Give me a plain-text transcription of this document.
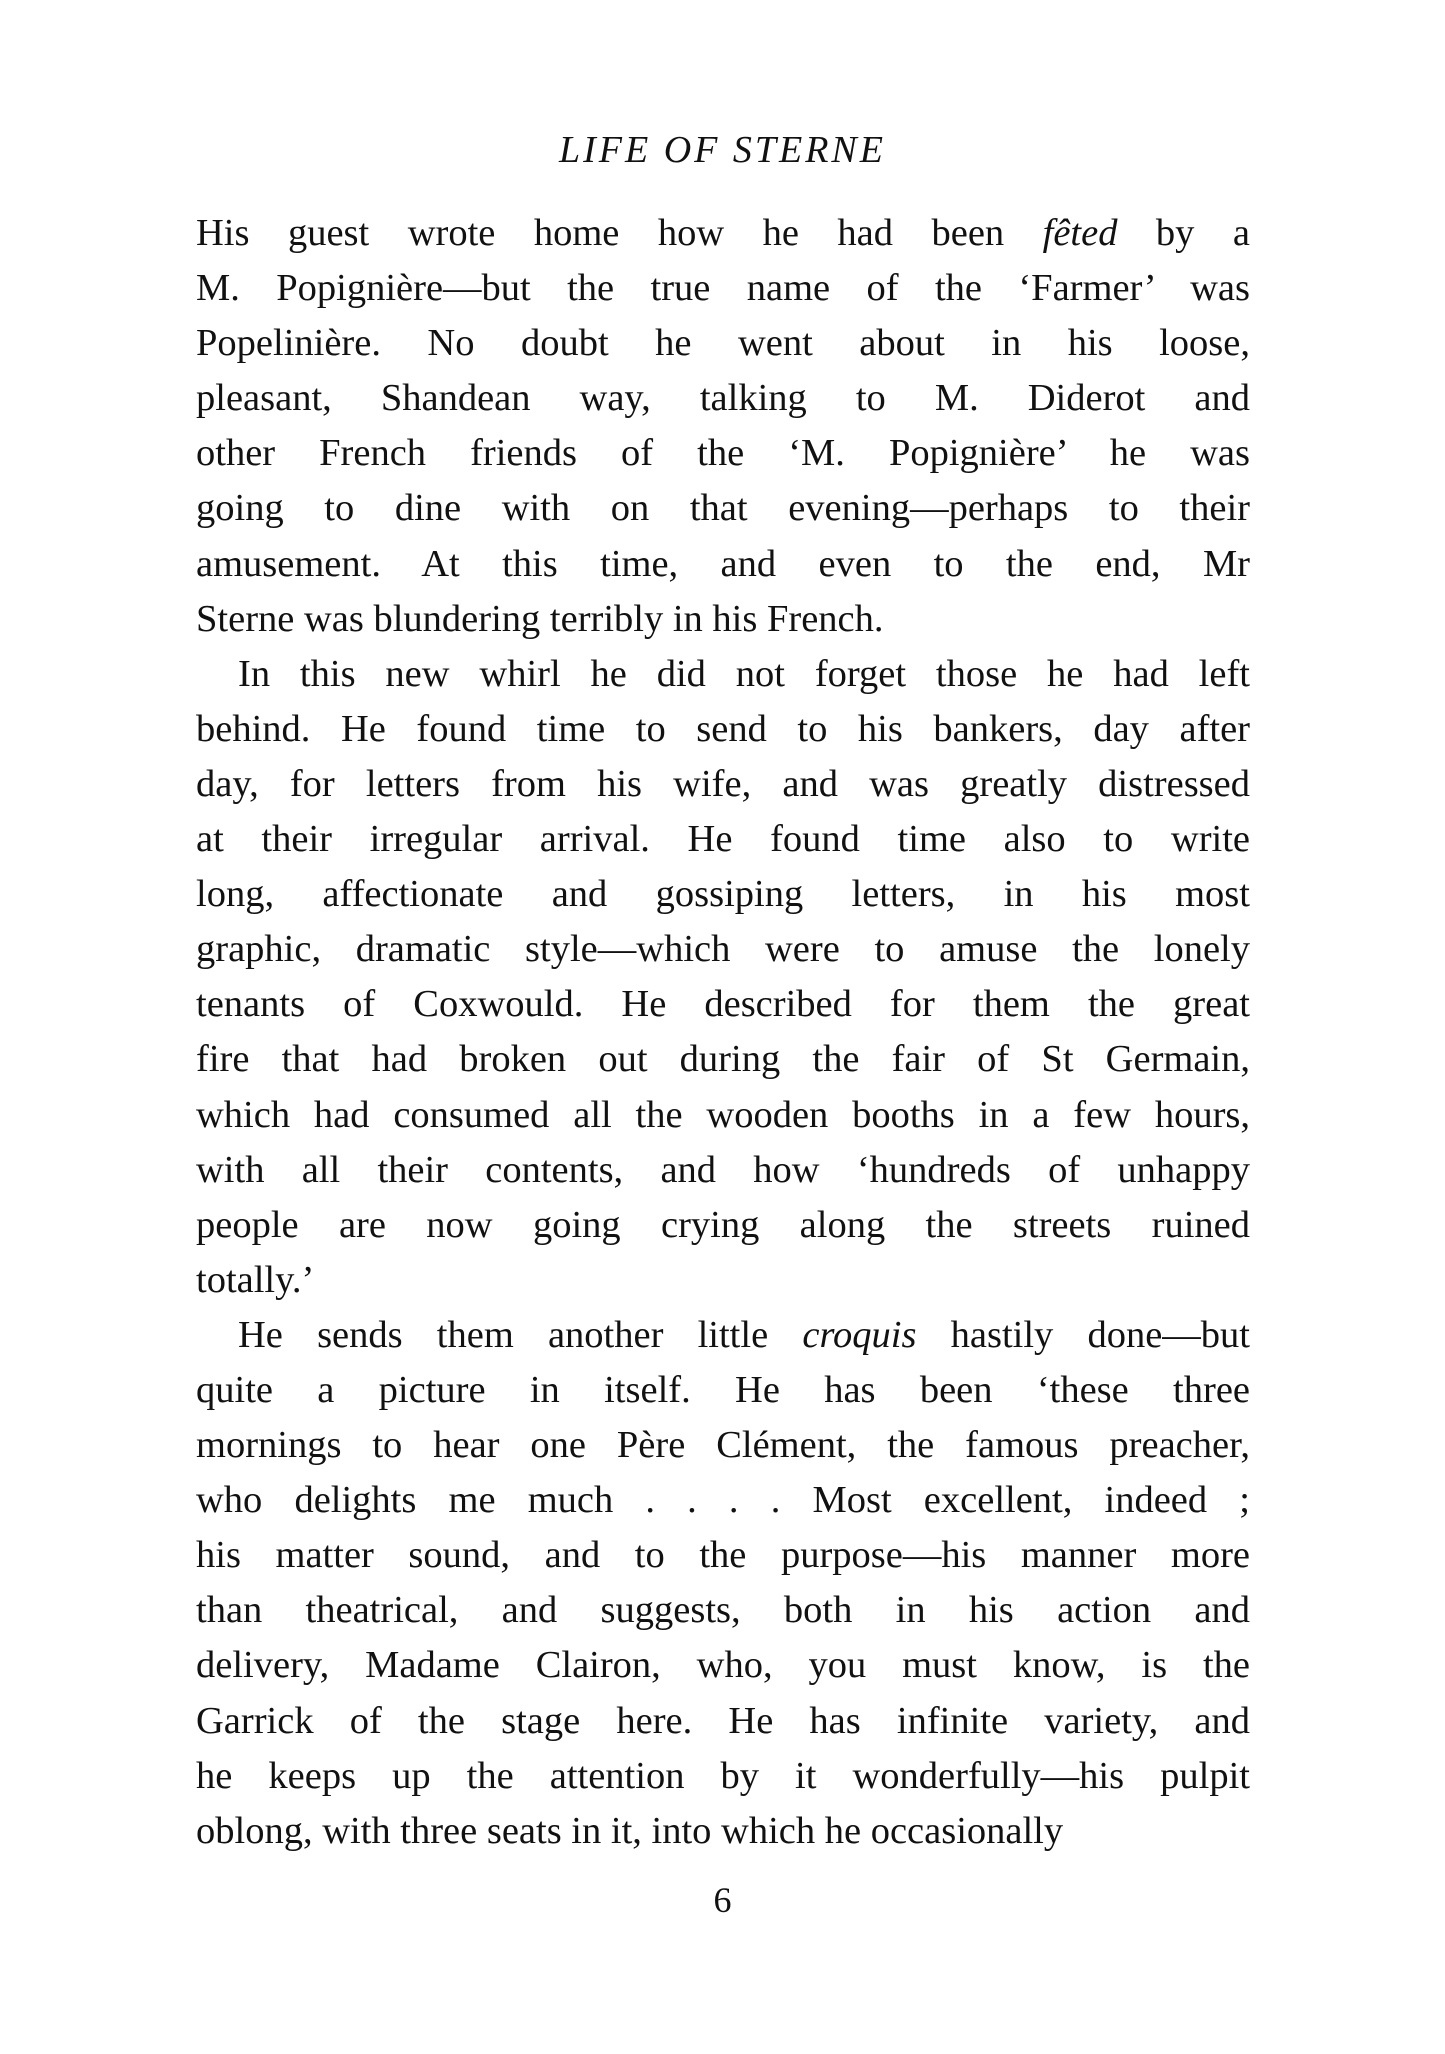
LIFE OF STERNE
His guest wrote home how he had been fêted by a
M. Popignière—but the true name of the ‘Farmer’ was
Popelinière. No doubt he went about in his loose,
pleasant, Shandean way, talking to M. Diderot and
other French friends of the ‘M. Popignière’ he was
going to dine with on that evening—perhaps to their
amusement. At this time, and even to the end, Mr
Sterne was blundering terribly in his French.
In this new whirl he did not forget those he had left
behind. He found time to send to his bankers, day after
day, for letters from his wife, and was greatly distressed
at their irregular arrival. He found time also to write
long, affectionate and gossiping letters, in his most
graphic, dramatic style—which were to amuse the lonely
tenants of Coxwould. He described for them the great
fire that had broken out during the fair of St Germain,
which had consumed all the wooden booths in a few hours,
with all their contents, and how ‘hundreds of unhappy
people are now going crying along the streets ruined
totally.’
He sends them another little croquis hastily done—but
quite a picture in itself. He has been ‘these three
mornings to hear one Père Clément, the famous preacher,
who delights me much . . . . Most excellent, indeed ;
his matter sound, and to the purpose—his manner more
than theatrical, and suggests, both in his action and
delivery, Madame Clairon, who, you must know, is the
Garrick of the stage here. He has infinite variety, and
he keeps up the attention by it wonderfully—his pulpit
oblong, with three seats in it, into which he occasionally
6
